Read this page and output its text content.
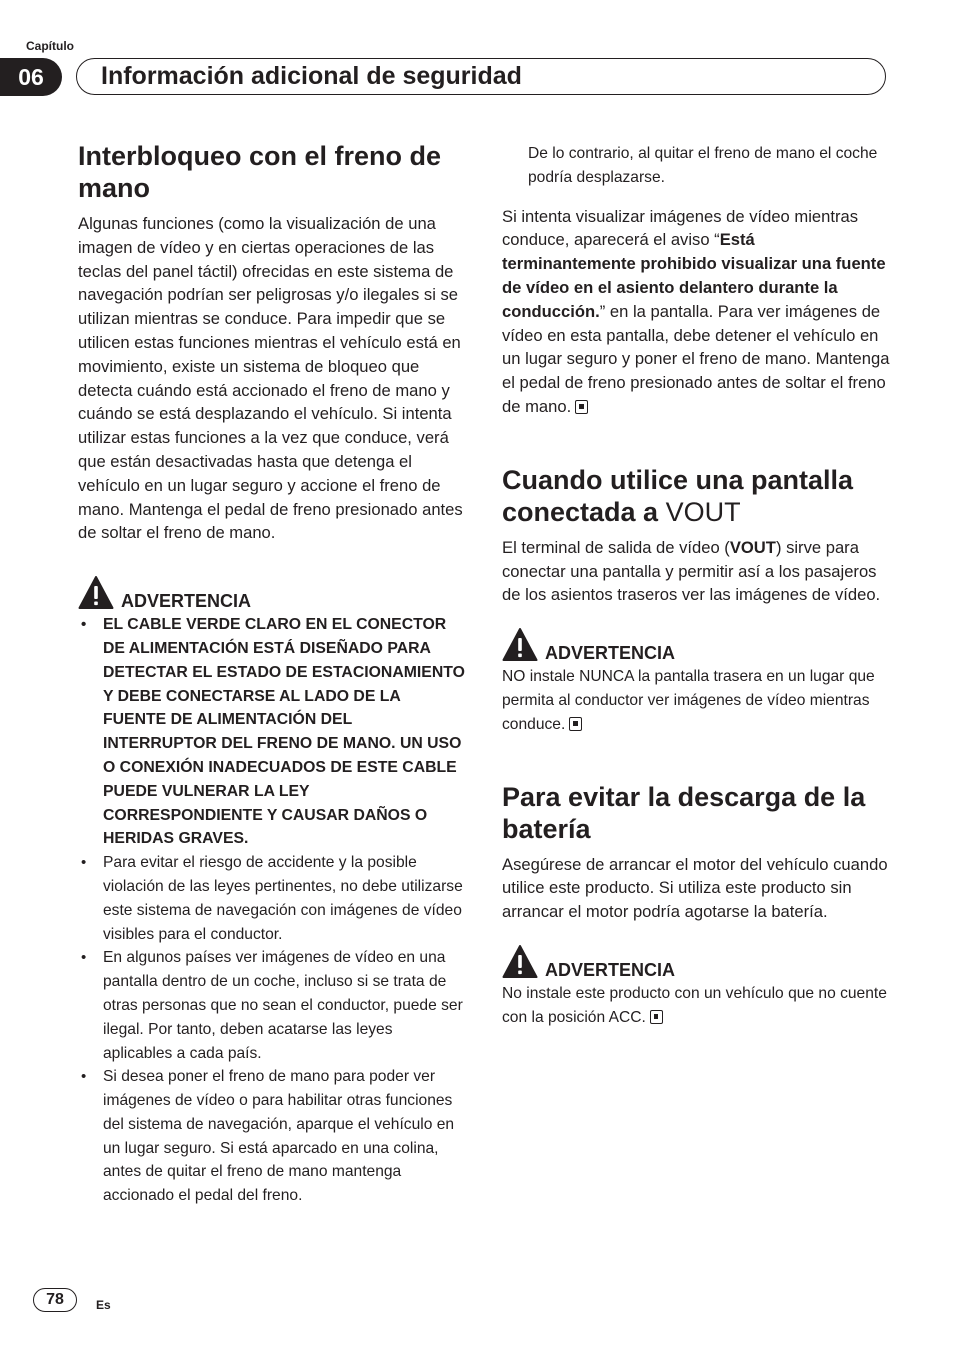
Capítulo
06	Información adicional de seguridad
Interbloqueo con el freno de mano

Algunas funciones (como la visualización de una imagen de vídeo y en ciertas operaciones de las teclas del panel táctil) ofrecidas en este sistema de navegación podrían ser peligrosas y/o ilegales si se utilizan mientras se conduce. Para impedir que se utilicen estas funciones mientras el vehículo está en movimiento, existe un sistema de bloqueo que detecta cuándo está accionado el freno de mano y cuándo se está desplazando el vehículo. Si intenta utilizar estas funciones a la vez que conduce, verá que están desactivadas hasta que detenga el vehículo en un lugar seguro y accione el freno de mano. Mantenga el pedal de freno presionado antes de soltar el freno de mano.

ADVERTENCIA
• EL CABLE VERDE CLARO EN EL CONECTOR DE ALIMENTACIÓN ESTÁ DISEÑADO PARA DETECTAR EL ESTADO DE ESTACIONAMIENTO Y DEBE CONECTARSE AL LADO DE LA FUENTE DE ALIMENTACIÓN DEL INTERRUPTOR DEL FRENO DE MANO. UN USO O CONEXIÓN INADECUADOS DE ESTE CABLE PUEDE VULNERAR LA LEY CORRESPONDIENTE Y CAUSAR DAÑOS O HERIDAS GRAVES.
• Para evitar el riesgo de accidente y la posible violación de las leyes pertinentes, no debe utilizarse este sistema de navegación con imágenes de vídeo visibles para el conductor.
• En algunos países ver imágenes de vídeo en una pantalla dentro de un coche, incluso si se trata de otras personas que no sean el conductor, puede ser ilegal. Por tanto, deben acatarse las leyes aplicables a cada país.
• Si desea poner el freno de mano para poder ver imágenes de vídeo o para habilitar otras funciones del sistema de navegación, aparque el vehículo en un lugar seguro. Si está aparcado en una colina, antes de quitar el freno de mano mantenga accionado el pedal del freno.

De lo contrario, al quitar el freno de mano el coche podría desplazarse.

Si intenta visualizar imágenes de vídeo mientras conduce, aparecerá el aviso “Está terminantemente prohibido visualizar una fuente de vídeo en el asiento delantero durante la conducción.” en la pantalla. Para ver imágenes de vídeo en esta pantalla, debe detener el vehículo en un lugar seguro y poner el freno de mano. Mantenga el pedal de freno presionado antes de soltar el freno de mano.

Cuando utilice una pantalla conectada a VOUT

El terminal de salida de vídeo (VOUT) sirve para conectar una pantalla y permitir así a los pasajeros de los asientos traseros ver las imágenes de vídeo.

ADVERTENCIA

NO instale NUNCA la pantalla trasera en un lugar que permita al conductor ver imágenes de vídeo mientras conduce.

Para evitar la descarga de la batería

Asegúrese de arrancar el motor del vehículo cuando utilice este producto. Si utiliza este producto sin arrancar el motor podría agotarse la batería.

ADVERTENCIA

No instale este producto con un vehículo que no cuente con la posición ACC.

78	Es
